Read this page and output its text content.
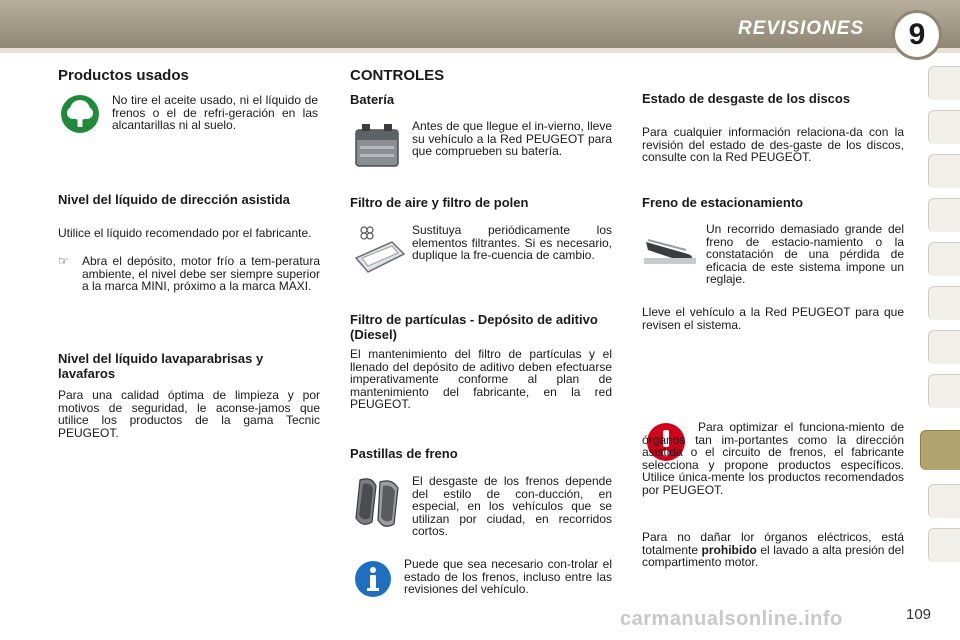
REVISIONES	9
Productos usados

No tire el aceite usado, ni el líquido de frenos o el de refri-geración en las alcantarillas ni al suelo.

Nivel del líquido de dirección asistida

Utilice el líquido recomendado por el fabricante.

☞ Abra el depósito, motor frío a tem-peratura ambiente, el nivel debe ser siempre superior a la marca MINI, próximo a la marca MAXI.

Nivel del líquido lavaparabrisas y lavafaros

Para una calidad óptima de limpieza y por motivos de seguridad, le aconse-jamos que utilice los productos de la gama Tecnic PEUGEOT.

CONTROLES
Batería

Antes de que llegue el in-vierno, lleve su vehículo a la Red PEUGEOT para que comprueben su batería.

Filtro de aire y filtro de polen

Sustituya periódicamente los elementos filtrantes. Si es necesario, duplique la fre-cuencia de cambio.

Filtro de partículas - Depósito de aditivo (Diesel)

El mantenimiento del filtro de partículas y el llenado del depósito de aditivo deben efectuarse imperativamente conforme al plan de mantenimiento del fabricante, en la red PEUGEOT.

Pastillas de freno

El desgaste de los frenos depende del estilo de con-ducción, en especial, en los vehículos que se utilizan por ciudad, en recorridos cortos.

Puede que sea necesario con-trolar el estado de los frenos, incluso entre las revisiones del vehículo.

Estado de desgaste de los discos

Para cualquier información relaciona-da con la revisión del estado de des-gaste de los discos, consulte con la Red PEUGEOT.

Freno de estacionamiento

Un recorrido demasiado grande del freno de estacio-namiento o la constatación de una pérdida de eficacia de este sistema impone un reglaje.

Lleve el vehículo a la Red PEUGEOT para que revisen el sistema.

Para optimizar el funciona-miento de órganos tan im-portantes como la dirección asistida o el circuito de frenos, el fabricante selecciona y propone productos específicos. Utilice única-mente los productos recomendados por PEUGEOT.

Para no dañar lor órganos eléctricos, está totalmente prohibido el lavado a alta presión del compartimento motor.

carmanualsonline.info	109
